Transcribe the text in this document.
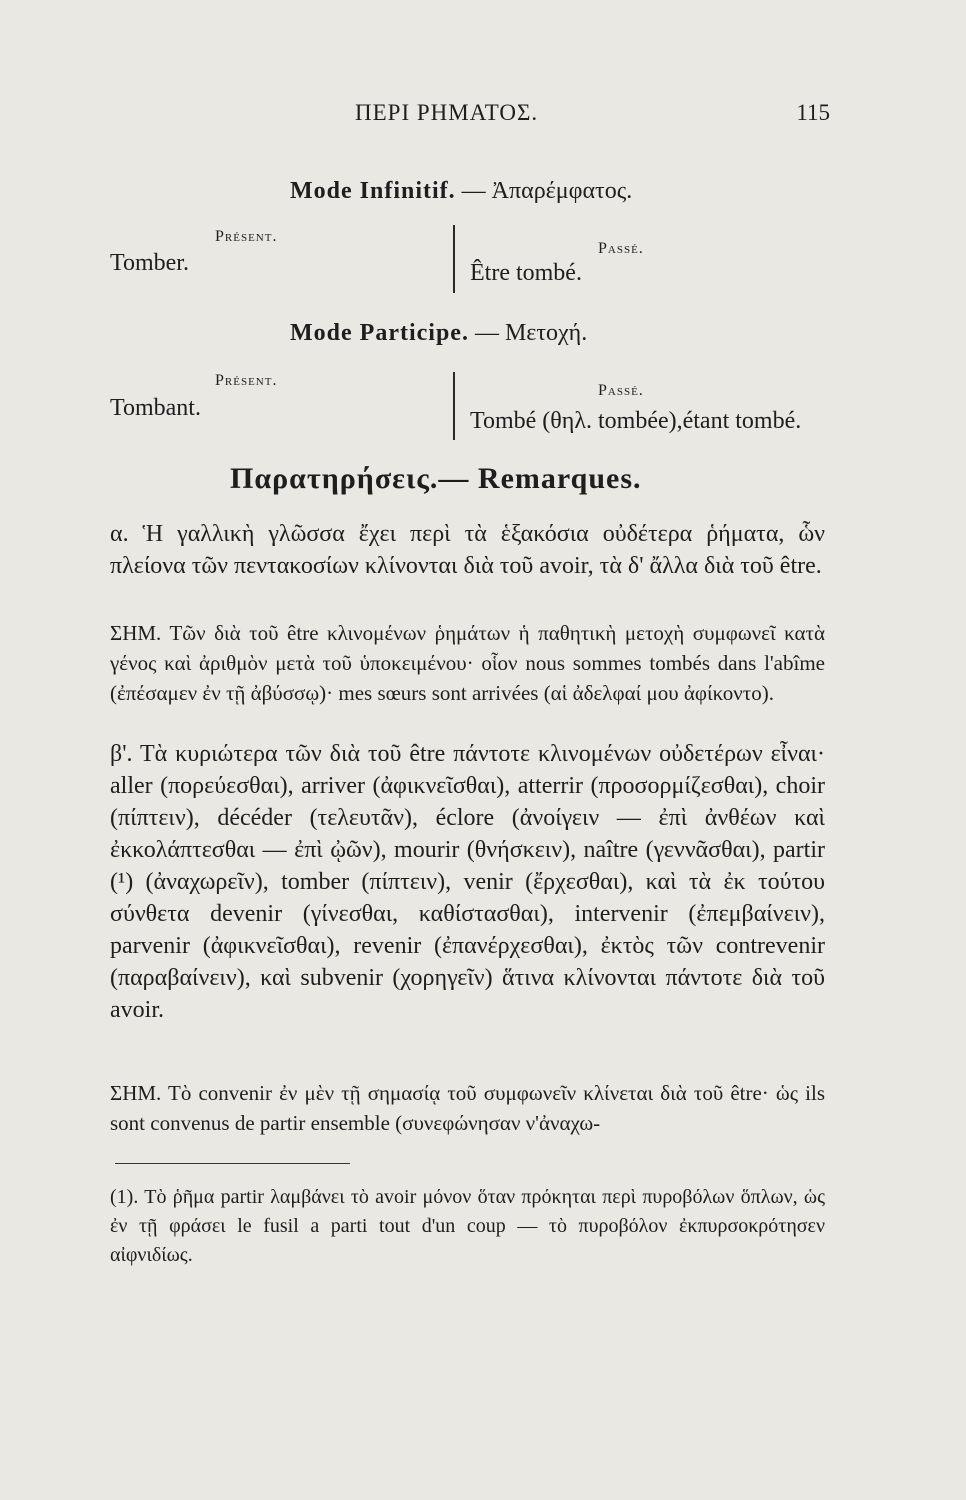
ΠΕΡΙ ΡΗΜΑΤΟΣ.	115
Mode Infinitif. — Ἀπαρέμφατος.
Présent.
Tomber.
Passé.
Être tombé.
Mode Participe. — Μετοχή.
Présent.
Tombant.
Passé.
Tombé (θηλ. tombée),étant tombé.
Παρατηρήσεις.— Remarques.

α. Ἡ γαλλικὴ γλῶσσα ἔχει περὶ τὰ ἑξακόσια οὐδέτερα ῥήματα, ὧν πλείονα τῶν πεντακοσίων κλίνονται διὰ τοῦ avoir, τὰ δ' ἄλλα διὰ τοῦ être.

ΣΗΜ. Τῶν διὰ τοῦ être κλινομένων ῥημάτων ἡ παθητικὴ μετοχὴ συμφωνεῖ κατὰ γένος καὶ ἀριθμὸν μετὰ τοῦ ὑποκειμένου· οἷον nous sommes tombés dans l'abîme (ἐπέσαμεν ἐν τῇ ἀβύσσῳ)· mes sœurs sont arrivées (αἱ ἀδελφαί μου ἀφίκοντο).

β'. Τὰ κυριώτερα τῶν διὰ τοῦ être πάντοτε κλινομένων οὐδετέρων εἶναι· aller (πορεύεσθαι), arriver (ἀφικνεῖσθαι), atterrir (προσορμίζεσθαι), choir (πίπτειν), décéder (τελευτᾶν), éclore (ἀνοίγειν — ἐπὶ ἀνθέων καὶ ἐκκολάπτεσθαι — ἐπὶ ᾠῶν), mourir (θνήσκειν), naître (γεννᾶσθαι), partir (¹) (ἀναχωρεῖν), tomber (πίπτειν), venir (ἔρχεσθαι), καὶ τὰ ἐκ τούτου σύνθετα devenir (γίνεσθαι, καθίστασθαι), intervenir (ἐπεμβαίνειν), parvenir (ἀφικνεῖσθαι), revenir (ἐπανέρχεσθαι), ἐκτὸς τῶν contrevenir (παραβαίνειν), καὶ subvenir (χορηγεῖν) ἅτινα κλίνονται πάντοτε διὰ τοῦ avoir.

ΣΗΜ. Τὸ convenir ἐν μὲν τῇ σημασίᾳ τοῦ συμφωνεῖν κλίνεται διὰ τοῦ être· ὡς ils sont convenus de partir ensemble (συνεφώνησαν ν'ἀναχω-

(1). Τὸ ῥῆμα partir λαμβάνει τὸ avoir μόνον ὅταν πρόκηται περὶ πυροβόλων ὅπλων, ὡς ἐν τῇ φράσει le fusil a parti tout d'un coup — τὸ πυροβόλον ἐκπυρσοκρότησεν αἰφνιδίως.
